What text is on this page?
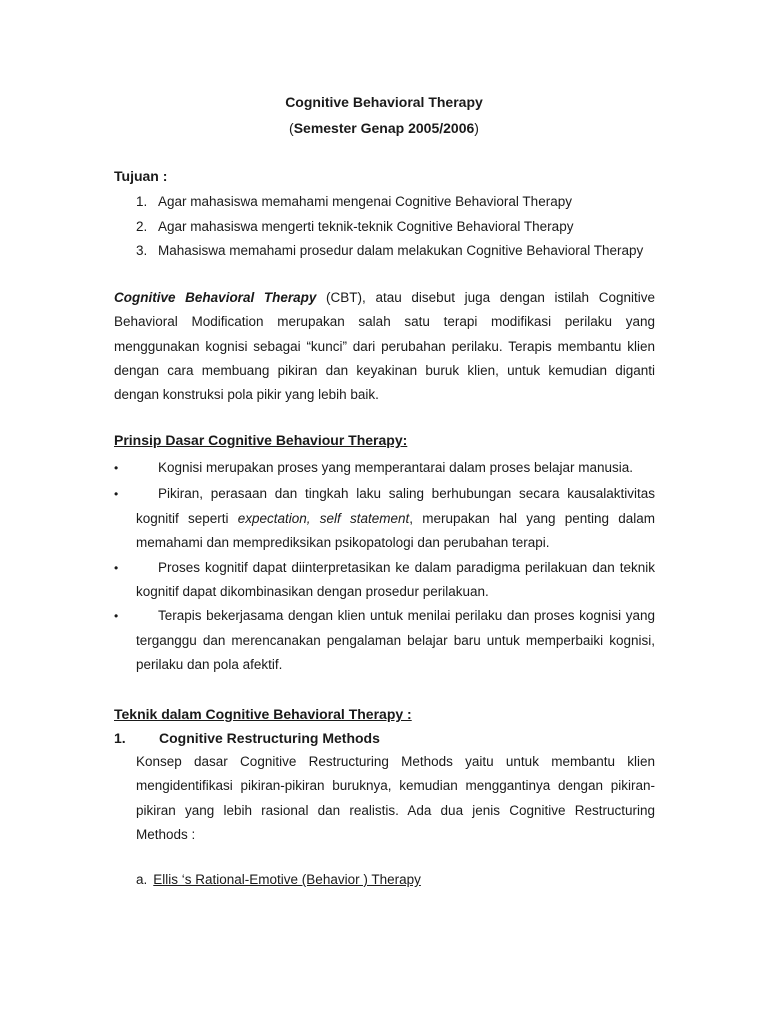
Cognitive Behavioral Therapy
(Semester Genap 2005/2006)
Tujuan :
1. Agar mahasiswa memahami mengenai Cognitive Behavioral Therapy
2. Agar mahasiswa mengerti teknik-teknik Cognitive Behavioral Therapy
3. Mahasiswa memahami prosedur dalam melakukan Cognitive Behavioral Therapy

Cognitive Behavioral Therapy (CBT), atau disebut juga dengan istilah Cognitive Behavioral Modification merupakan salah satu terapi modifikasi perilaku yang menggunakan kognisi sebagai “kunci” dari perubahan perilaku. Terapis membantu klien dengan cara membuang pikiran dan keyakinan buruk klien, untuk kemudian diganti dengan konstruksi pola pikir yang lebih baik.

Prinsip Dasar Cognitive Behaviour Therapy:
•	Kognisi merupakan proses yang memperantarai dalam proses belajar manusia.
•	Pikiran, perasaan dan tingkah laku saling berhubungan secara kausalaktivitas kognitif seperti expectation, self statement, merupakan hal yang penting dalam memahami dan memprediksikan psikopatologi dan perubahan terapi.
•	Proses kognitif dapat diinterpretasikan ke dalam paradigma perilakuan dan teknik kognitif dapat dikombinasikan dengan prosedur perilakuan.
•	Terapis bekerjasama dengan klien untuk menilai perilaku dan proses kognisi yang terganggu dan merencanakan pengalaman belajar baru untuk memperbaiki kognisi, perilaku dan pola afektif.
Teknik dalam Cognitive Behavioral Therapy :
1.	Cognitive Restructuring Methods

Konsep dasar Cognitive Restructuring Methods yaitu untuk membantu klien mengidentifikasi pikiran-pikiran buruknya, kemudian menggantinya dengan pikiran-pikiran yang lebih rasional dan realistis. Ada dua jenis Cognitive Restructuring Methods :

a. Ellis ‘s Rational-Emotive (Behavior ) Therapy
